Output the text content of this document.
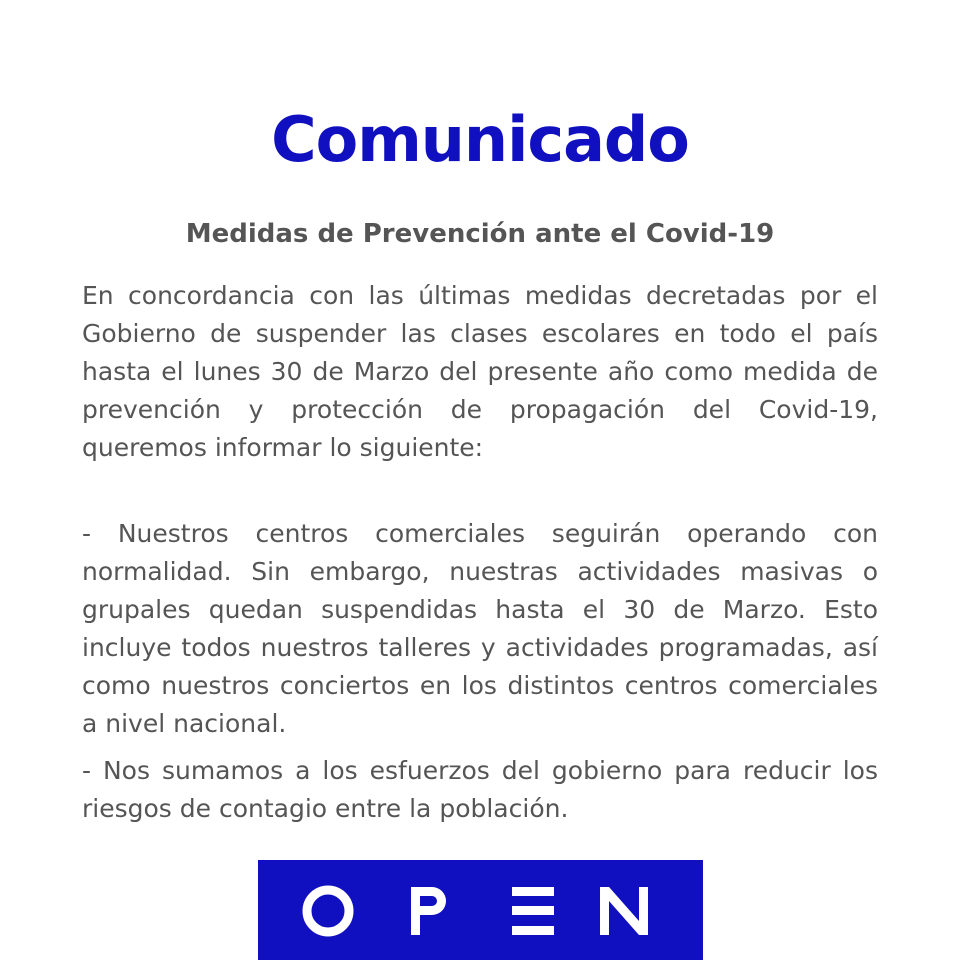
Comunicado
Medidas de Prevención ante el Covid-19
En concordancia con las últimas medidas decretadas por el Gobierno de suspender las clases escolares en todo el país hasta el lunes 30 de Marzo del presente año como medida de prevención y protección de propagación del Covid-19, queremos informar lo siguiente:
- Nuestros centros comerciales seguirán operando con normalidad. Sin embargo, nuestras actividades masivas o grupales quedan suspendidas hasta el 30 de Marzo. Esto incluye todos nuestros talleres y actividades programadas, así como nuestros conciertos en los distintos centros comerciales a nivel nacional.
- Nos sumamos a los esfuerzos del gobierno para reducir los riesgos de contagio entre la población.
